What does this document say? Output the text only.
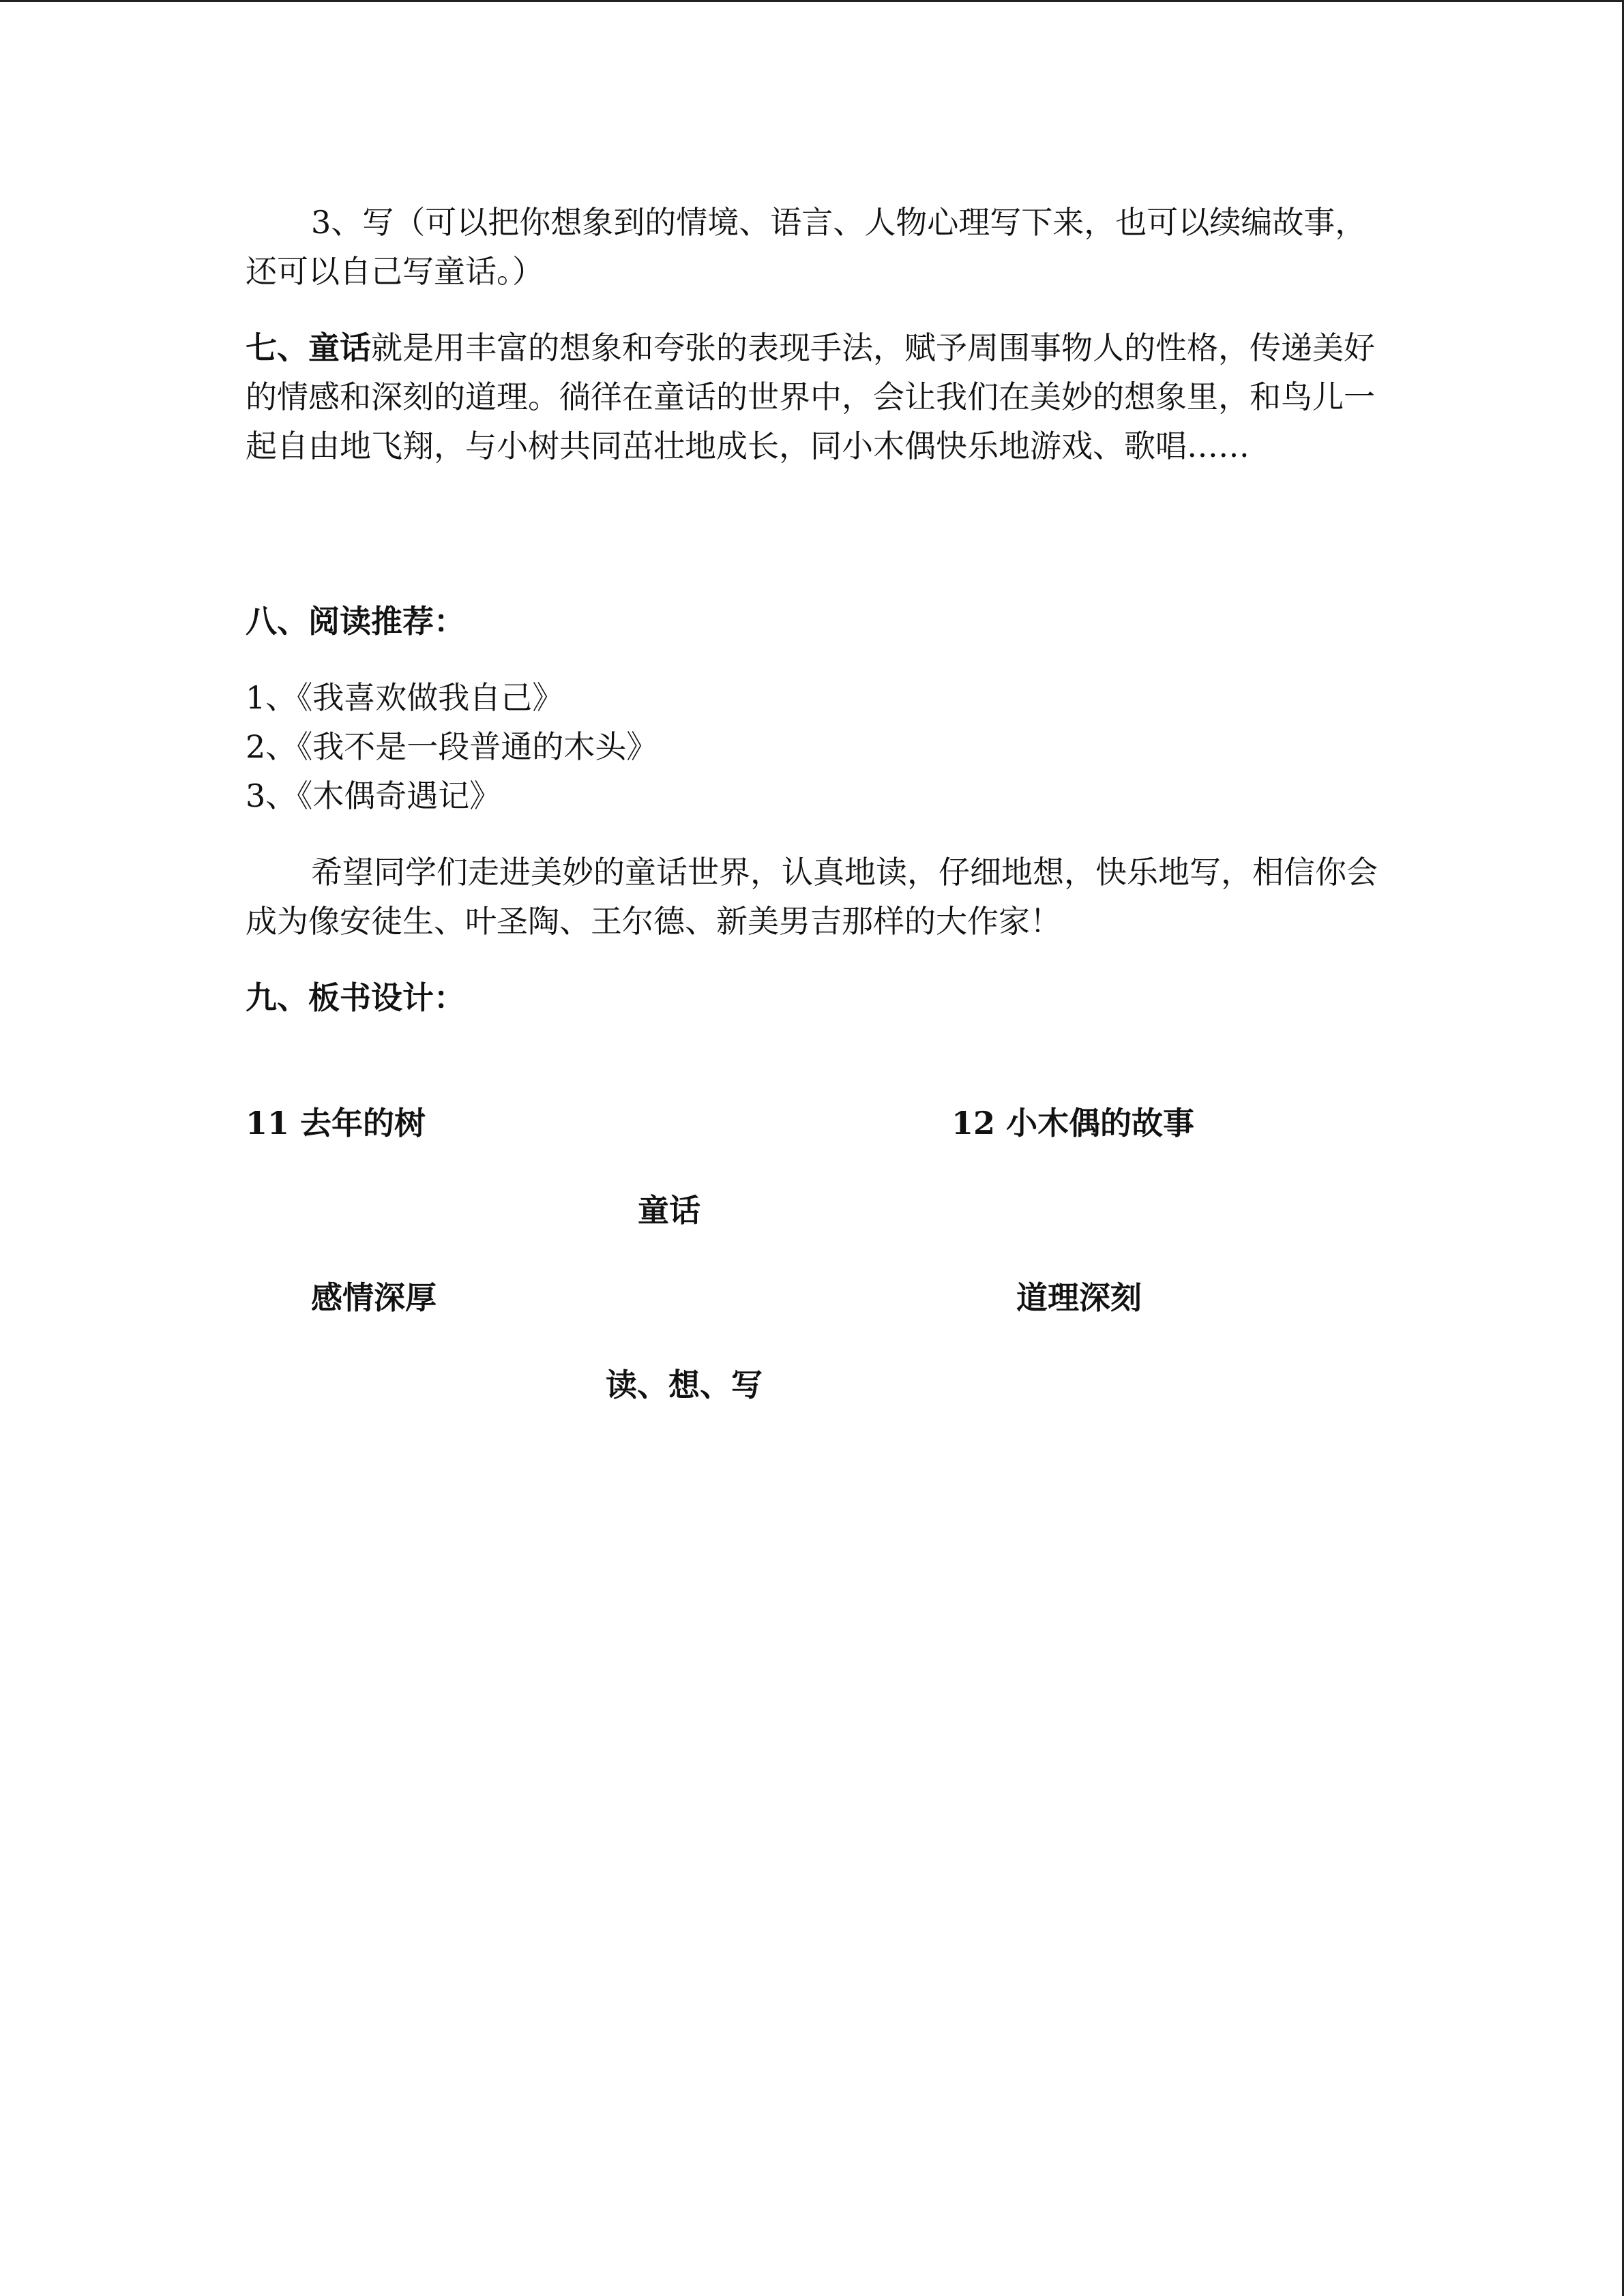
3、写（可以把你想象到的情境、语言、人物心理写下来，也可以续编故事，还可以自己写童话。）

七、童话就是用丰富的想象和夸张的表现手法，赋予周围事物人的性格，传递美好的情感和深刻的道理。徜徉在童话的世界中，会让我们在美妙的想象里，和鸟儿一起自由地飞翔，与小树共同茁壮地成长，同小木偶快乐地游戏、歌唱……

八、阅读推荐：

1、《我喜欢做我自己》

2、《我不是一段普通的木头》

3、《木偶奇遇记》

希望同学们走进美妙的童话世界，认真地读，仔细地想，快乐地写，相信你会成为像安徒生、叶圣陶、王尔德、新美男吉那样的大作家！

九、板书设计：

11 去年的树	12 小木偶的故事
童话
感情深厚	道理深刻
读、想、写
